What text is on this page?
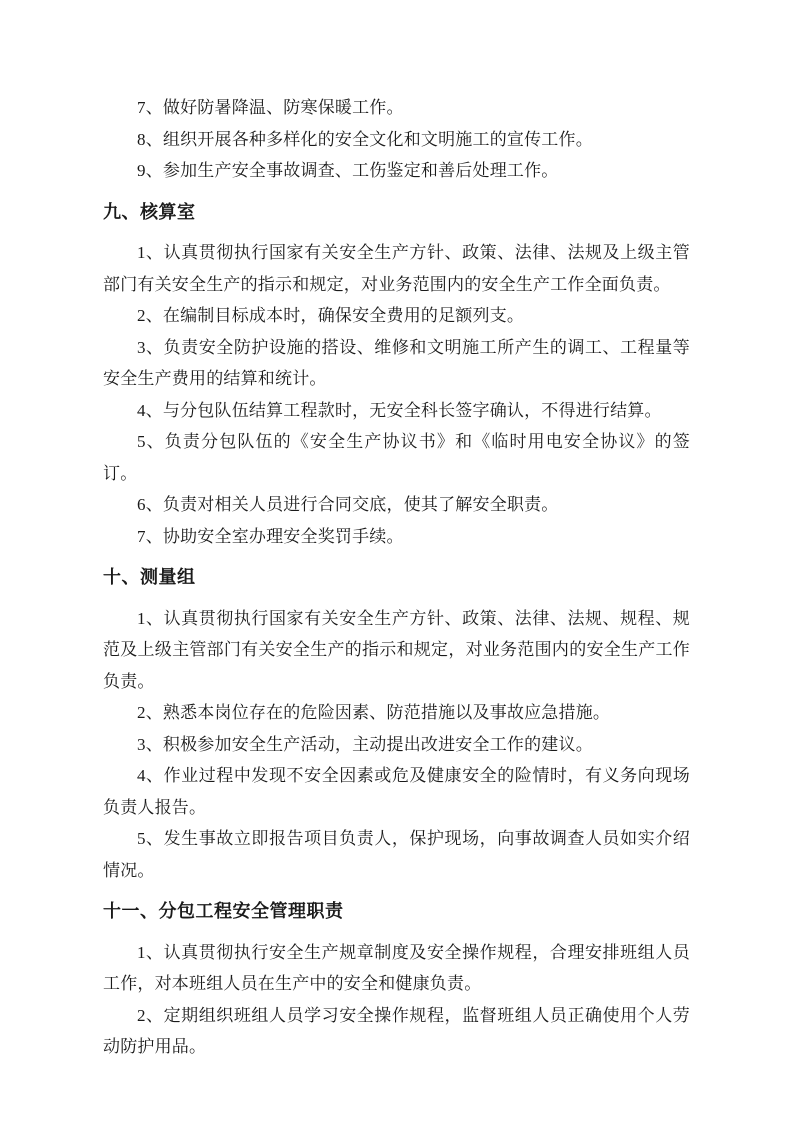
7、做好防暑降温、防寒保暖工作。

8、组织开展各种多样化的安全文化和文明施工的宣传工作。

9、参加生产安全事故调查、工伤鉴定和善后处理工作。

九、核算室

1、认真贯彻执行国家有关安全生产方针、政策、法律、法规及上级主管部门有关安全生产的指示和规定，对业务范围内的安全生产工作全面负责。

2、在编制目标成本时，确保安全费用的足额列支。

3、负责安全防护设施的搭设、维修和文明施工所产生的调工、工程量等安全生产费用的结算和统计。

4、与分包队伍结算工程款时，无安全科长签字确认，不得进行结算。

5、负责分包队伍的《安全生产协议书》和《临时用电安全协议》的签订。

6、负责对相关人员进行合同交底，使其了解安全职责。

7、协助安全室办理安全奖罚手续。

十、测量组

1、认真贯彻执行国家有关安全生产方针、政策、法律、法规、规程、规范及上级主管部门有关安全生产的指示和规定，对业务范围内的安全生产工作负责。

2、熟悉本岗位存在的危险因素、防范措施以及事故应急措施。

3、积极参加安全生产活动，主动提出改进安全工作的建议。

4、作业过程中发现不安全因素或危及健康安全的险情时，有义务向现场负责人报告。

5、发生事故立即报告项目负责人，保护现场，向事故调查人员如实介绍情况。

十一、分包工程安全管理职责

1、认真贯彻执行安全生产规章制度及安全操作规程，合理安排班组人员工作，对本班组人员在生产中的安全和健康负责。

2、定期组织班组人员学习安全操作规程，监督班组人员正确使用个人劳动防护用品。
